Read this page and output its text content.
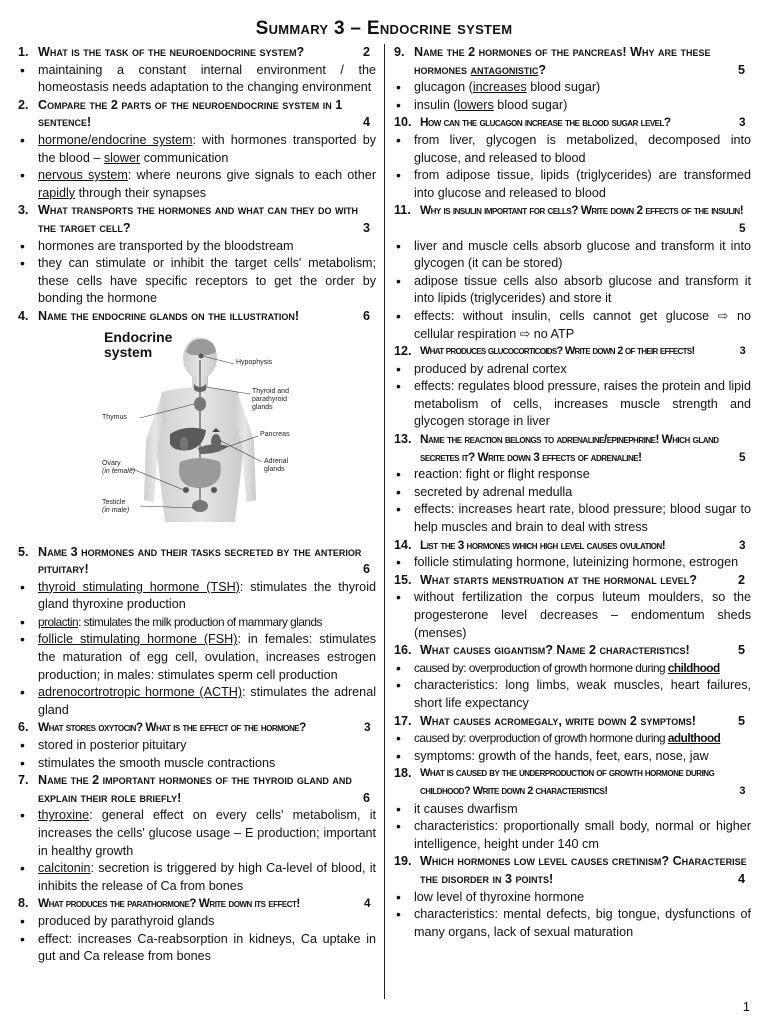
Summary 3 – Endocrine system
1. What is the task of the neuroendocrine system?	2
•	maintaining a constant internal environment / the homeostasis needs adaptation to the changing environment
2. Compare the 2 parts of the neuroendocrine system in 1 sentence!	4
•	hormone/endocrine system: with hormones transported by the blood – slower communication
•	nervous system: where neurons give signals to each other rapidly through their synapses
3. What transports the hormones and what can they do with the target cell?	3
•	hormones are transported by the bloodstream
•	they can stimulate or inhibit the target cells' metabolism; these cells have specific receptors to get the order by bonding the hormone
4. Name the endocrine glands on the illustration!	6
Endocrine
system
Hypophysis
Thyroid and parathyroid glands
Thymus
Pancreas
Ovary
(in female)
Adrenal glands
Testicle
(in male)
5. Name 3 hormones and their tasks secreted by the anterior pituitary!	6
•	thyroid stimulating hormone (TSH): stimulates the thyroid gland thyroxine production
•	prolactin: stimulates the milk production of mammary glands
•	follicle stimulating hormone (FSH): in females: stimulates the maturation of egg cell, ovulation, increases estrogen production; in males: stimulates sperm cell production
•	adrenocortrotropic hormone (ACTH): stimulates the adrenal gland
6. What stores oxytocin? What is the effect of the hormone?	3
•	stored in posterior pituitary
•	stimulates the smooth muscle contractions
7. Name the 2 important hormones of the thyroid gland and explain their role briefly!	6
•	thyroxine: general effect on every cells' metabolism, it increases the cells' glucose usage – E production; important in healthy growth
•	calcitonin: secretion is triggered by high Ca-level of blood, it inhibits the release of Ca from bones
8. What produces the parathormone? Write down its effect!	4
•	produced by parathyroid glands
•	effect: increases Ca-reabsorption in kidneys, Ca uptake in gut and Ca release from bones
9. Name the 2 hormones of the pancreas! Why are these hormones antagonistic?	5
•	glucagon (increases blood sugar)
•	insulin (lowers blood sugar)
10. How can the glucagon increase the blood sugar level?	3
•	from liver, glycogen is metabolized, decomposed into glucose, and released to blood
•	from adipose tissue, lipids (triglycerides) are transformed into glucose and released to blood
11. Why is insulin important for cells? Write down 2 effects of the insulin!
5
•	liver and muscle cells absorb glucose and transform it into glycogen (it can be stored)
•	adipose tissue cells also absorb glucose and transform it into lipids (triglycerides) and store it
•	effects: without insulin, cells cannot get glucose ⇨ no cellular respiration ⇨ no ATP
12. What produces glucocorticoids? Write down 2 of their effects!	3
•	produced by adrenal cortex
•	effects: regulates blood pressure, raises the protein and lipid metabolism of cells, increases muscle strength and glycogen storage in liver
13. Name the reaction belongs to adrenaline/epinephrine! Which gland secretes it? Write down 3 effects of adrenaline!	5
•	reaction: fight or flight response
•	secreted by adrenal medulla
•	effects: increases heart rate, blood pressure; blood sugar to help muscles and brain to deal with stress
14. List the 3 hormones which high level causes ovulation!	3
•	follicle stimulating hormone, luteinizing hormone, estrogen
15. What starts menstruation at the hormonal level?	2
•	without fertilization the corpus luteum moulders, so the progesterone level decreases – endomentum sheds (menses)
16. What causes gigantism? Name 2 characteristics!	5
•	caused by: overproduction of growth hormone during childhood
•	characteristics: long limbs, weak muscles, heart failures, short life expectancy
17. What causes acromegaly, write down 2 symptoms!	5
•	caused by: overproduction of growth hormone during adulthood
•	symptoms: growth of the hands, feet, ears, nose, jaw
18. What is caused by the underproduction of growth hormone during childhood? Write down 2 characteristics!	3
•	it causes dwarfism
•	characteristics: proportionally small body, normal or higher intelligence, height under 140 cm
19. Which hormones low level causes cretinism? Characterise the disorder in 3 points!	4
•	low level of thyroxine hormone
•	characteristics: mental defects, big tongue, dysfunctions of many organs, lack of sexual maturation
1
